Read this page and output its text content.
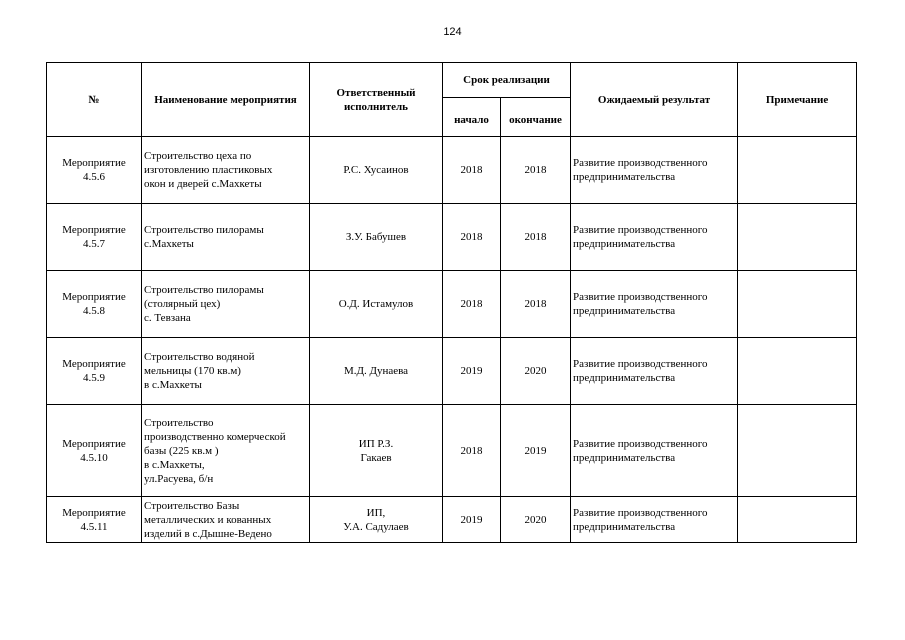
124
№	Наименование мероприятия	Ответственный
исполнитель	Срок реализации		Ожидаемый результат	Примечание
			начало	окончание		

Мероприятие
4.5.6	Строительство цеха по
изготовлению пластиковых
окон и дверей с.Махкеты	Р.С. Хусаинов	2018	2018	Развитие производственного
предпринимательства	

Мероприятие
4.5.7	Строительство пилорамы
с.Махкеты	З.У. Бабушев	2018	2018	Развитие производственного
предпринимательства	

Мероприятие
4.5.8	Строительство пилорамы
(столярный цех)
с. Тевзана	О.Д. Истамулов	2018	2018	Развитие производственного
предпринимательства	

Мероприятие
4.5.9	Строительство водяной
мельницы (170 кв.м)
в с.Махкеты	М.Д. Дунаева	2019	2020	Развитие производственного
предпринимательства	

Мероприятие
4.5.10	Строительство
производственно комерческой
базы (225 кв.м )
в с.Махкеты,
ул.Расуева, б/н	ИП Р.З.
Гакаев	2018	2019	Развитие производственного
предпринимательства	

Мероприятие
4.5.11	Строительство Базы
металлических и кованных
изделий в с.Дышне-Ведено	ИП,
У.А. Садулаев	2019	2020	Развитие производственного
предпринимательства	
